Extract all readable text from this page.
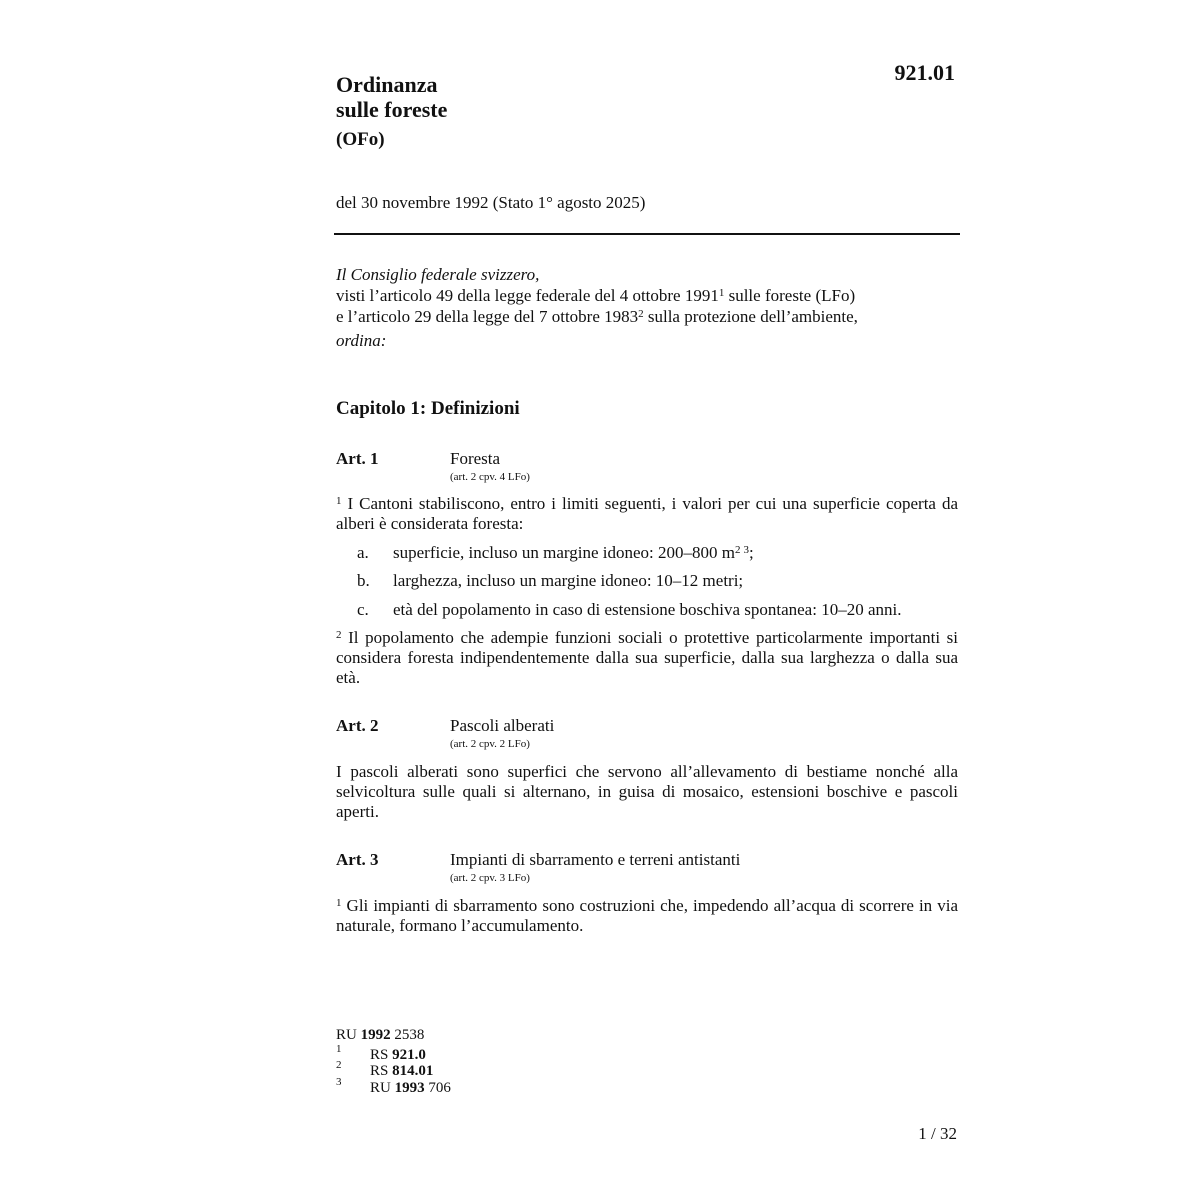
Ordinanza
sulle foreste
(OFo)
921.01
del 30 novembre 1992 (Stato 1° agosto 2025)

Il Consiglio federale svizzero,

visti l’articolo 49 della legge federale del 4 ottobre 1991$^1$ sulle foreste (LFo)

e l’articolo 29 della legge del 7 ottobre 1983$^2$ sulla protezione dell’ambiente,

ordina:

Capitolo 1: Definizioni
Art. 1	Foresta
(art. 2 cpv. 4 LFo)

$^1$ I Cantoni stabiliscono, entro i limiti seguenti, i valori per cui una superficie coperta da alberi è considerata foresta:

a. superficie, incluso un margine idoneo: 200–800 $m^2$ $^3$;
b. larghezza, incluso un margine idoneo: 10–12 metri;
c. età del popolamento in caso di estensione boschiva spontanea: 10–20 anni.

$^2$ Il popolamento che adempie funzioni sociali o protettive particolarmente importanti si considera foresta indipendentemente dalla sua superficie, dalla sua larghezza o dalla sua età.

Art. 2	Pascoli alberati
(art. 2 cpv. 2 LFo)

I pascoli alberati sono superfici che servono all’allevamento di bestiame nonché alla selvicoltura sulle quali si alternano, in guisa di mosaico, estensioni boschive e pascoli aperti.

Art. 3	Impianti di sbarramento e terreni antistanti
(art. 2 cpv. 3 LFo)

$^1$ Gli impianti di sbarramento sono costruzioni che, impedendo all’acqua di scorrere in via naturale, formano l’accumulamento.

RU 1992 2538
1 RS 921.0
2 RS 814.01
3 RU 1993 706
1 / 32
